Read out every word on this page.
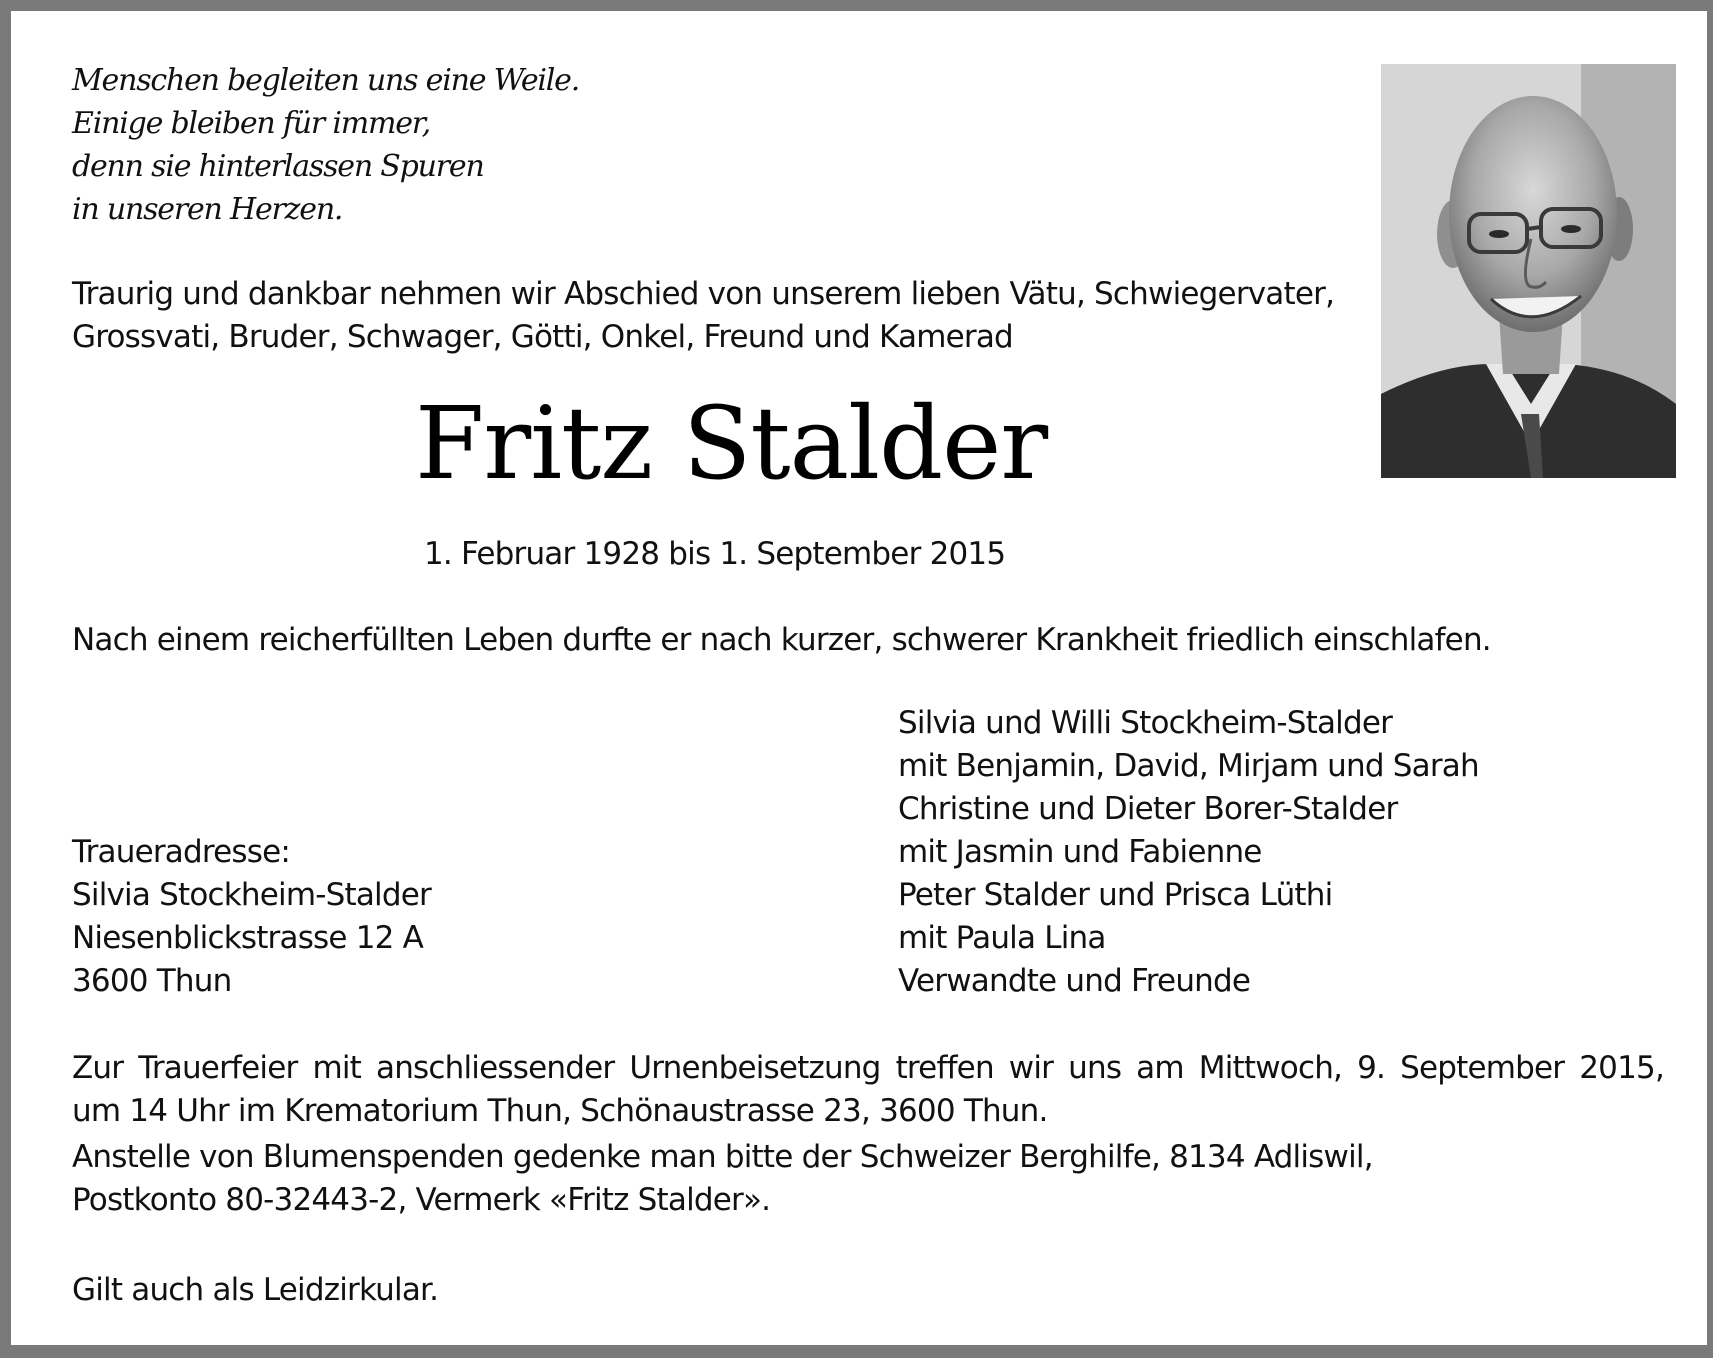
Menschen begleiten uns eine Weile.
Einige bleiben für immer,
denn sie hinterlassen Spuren
in unseren Herzen.
Traurig und dankbar nehmen wir Abschied von unserem lieben Vätu, Schwiegervater,
Grossvati, Bruder, Schwager, Götti, Onkel, Freund und Kamerad
Fritz Stalder
1. Februar 1928 bis 1. September 2015
Nach einem reicherfüllten Leben durfte er nach kurzer, schwerer Krankheit friedlich einschlafen.
Traueradresse:
Silvia Stockheim-Stalder
Niesenblickstrasse 12 A
3600 Thun
Silvia und Willi Stockheim-Stalder
mit Benjamin, David, Mirjam und Sarah
Christine und Dieter Borer-Stalder
mit Jasmin und Fabienne
Peter Stalder und Prisca Lüthi
mit Paula Lina
Verwandte und Freunde
Zur Trauerfeier mit anschliessender Urnenbeisetzung treffen wir uns am Mittwoch, 9. September 2015,
um 14 Uhr im Krematorium Thun, Schönaustrasse 23, 3600 Thun.
Anstelle von Blumenspenden gedenke man bitte der Schweizer Berghilfe, 8134 Adliswil,
Postkonto 80-32443-2, Vermerk «Fritz Stalder».
Gilt auch als Leidzirkular.
